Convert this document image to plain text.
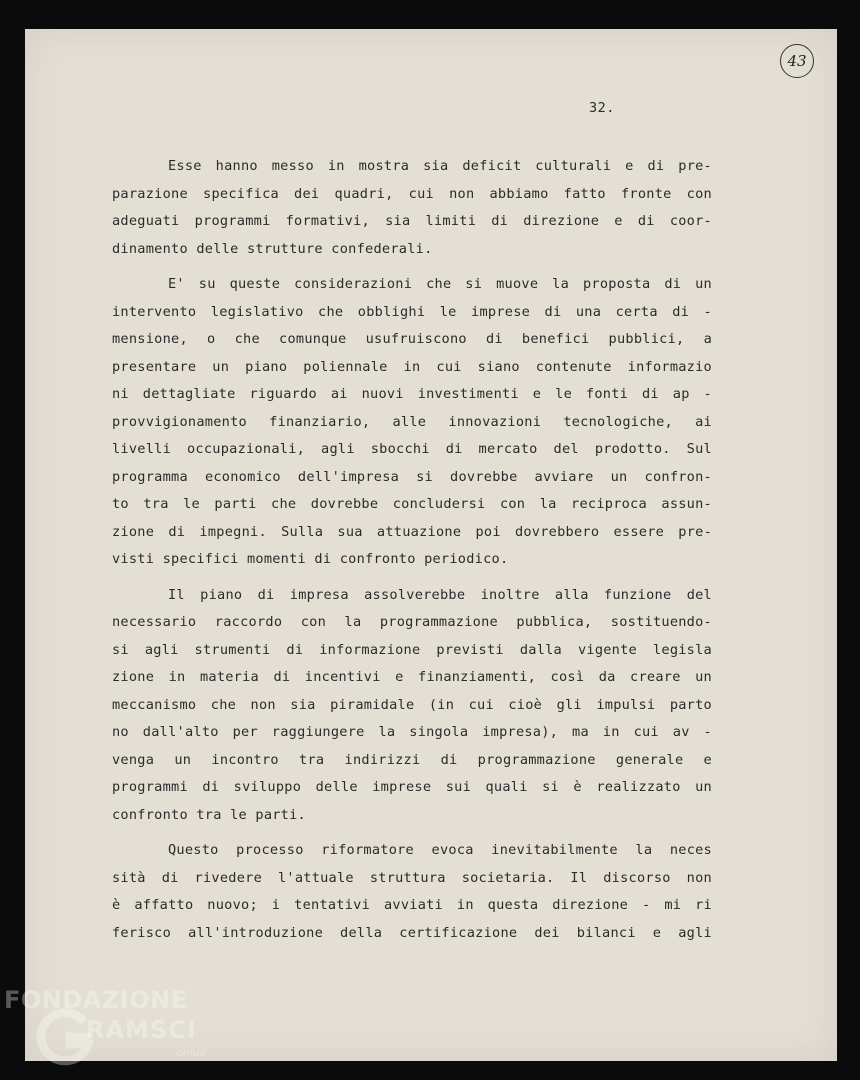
43
32.
Esse hanno messo in mostra sia deficit culturali e di pre-
parazione specifica dei quadri, cui non abbiamo fatto fronte con
adeguati programmi formativi, sia limiti di direzione e di coor-
dinamento delle strutture confederali.
E' su queste considerazioni che si muove la proposta di un
intervento legislativo che obblighi le imprese di una certa di -
mensione, o che comunque usufruiscono di benefici pubblici, a
presentare un piano poliennale in cui siano contenute informazio
ni dettagliate riguardo ai nuovi investimenti e le fonti di ap -
provvigionamento finanziario, alle innovazioni tecnologiche, ai
livelli occupazionali, agli sbocchi di mercato del prodotto. Sul
programma economico dell'impresa si dovrebbe avviare un confron-
to tra le parti che dovrebbe concludersi con la reciproca assun-
zione di impegni. Sulla sua attuazione poi dovrebbero essere pre-
visti specifici momenti di confronto periodico.
Il piano di impresa assolverebbe inoltre alla funzione del
necessario raccordo con la programmazione pubblica, sostituendo-
si agli strumenti di informazione previsti dalla vigente legisla
zione in materia di incentivi e finanziamenti, così da creare un
meccanismo che non sia piramidale (in cui cioè gli impulsi parto
no dall'alto per raggiungere la singola impresa), ma in cui av -
venga un incontro tra indirizzi di programmazione generale e
programmi di sviluppo delle imprese sui quali si è realizzato un
confronto tra le parti.
Questo processo riformatore evoca inevitabilmente la neces
sità di rivedere l'attuale struttura societaria. Il discorso non
è affatto nuovo; i tentativi avviati in questa direzione - mi ri
ferisco all'introduzione della certificazione dei bilanci e agli
FONDAZIONE
RAMSCI
onlus
